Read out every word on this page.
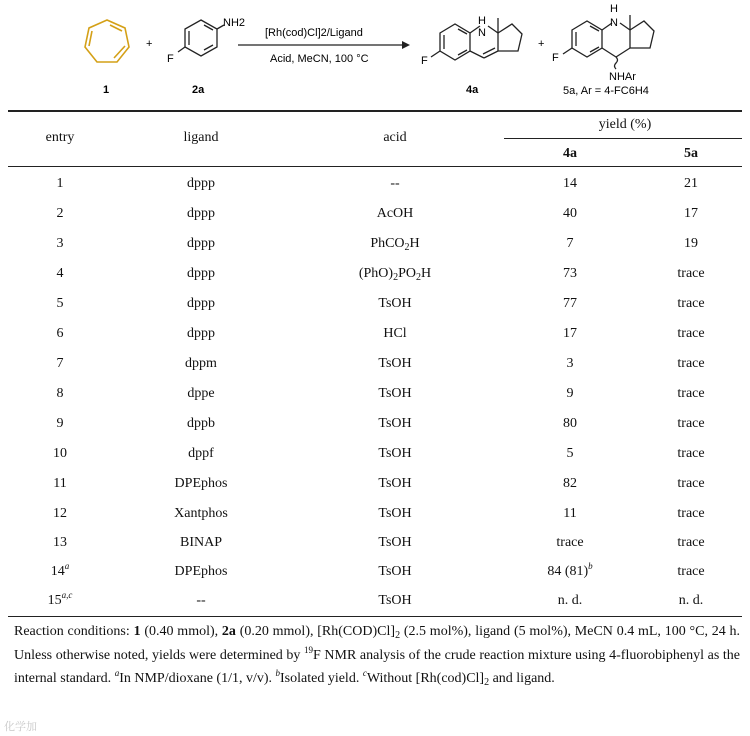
1
+
NH2
F
2a
[Rh(cod)Cl]2/Ligand
Acid, MeCN, 100 °C
H
N
F
4a
+
H
N
F
NHAr
5a, Ar = 4-FC6H4
entry	ligand	acid
yield (%)
4a	5a
1	dppp	--	14	21
2	dppp	AcOH	40	17
3	dppp	PhCO$_2$H	7	19
4	dppp	$(PhO)_2PO_2H$	73	trace
5	dppp	TsOH	77	trace
6	dppp	HCl	17	trace
7	dppm	TsOH	3	trace
8	dppe	TsOH	9	trace
9	dppb	TsOH	80	trace
10	dppf	TsOH	5	trace
11	DPEphos	TsOH	82	trace
12	Xantphos	TsOH	11	trace
13	BINAP	TsOH	trace	trace
14$^a$	DPEphos	TsOH	84 $(81)^b$	trace
15$^{a,c}$	--	TsOH	n. d.	n. d.
Reaction conditions: 1 (0.40 mmol), 2a (0.20 mmol), $[Rh(COD)Cl]_2$ (2.5 mol%), ligand (5 mol%), MeCN 0.4 mL, 100 °C, 24 h. Unless otherwise noted, yields were determined by $^{19}$F NMR analysis of the crude reaction mixture using 4-fluorobiphenyl as the internal standard. $^a$In NMP/dioxane (1/1, v/v). $^b$Isolated yield. $^c$Without $[Rh(cod)Cl]_2$ and ligand.
化学加
